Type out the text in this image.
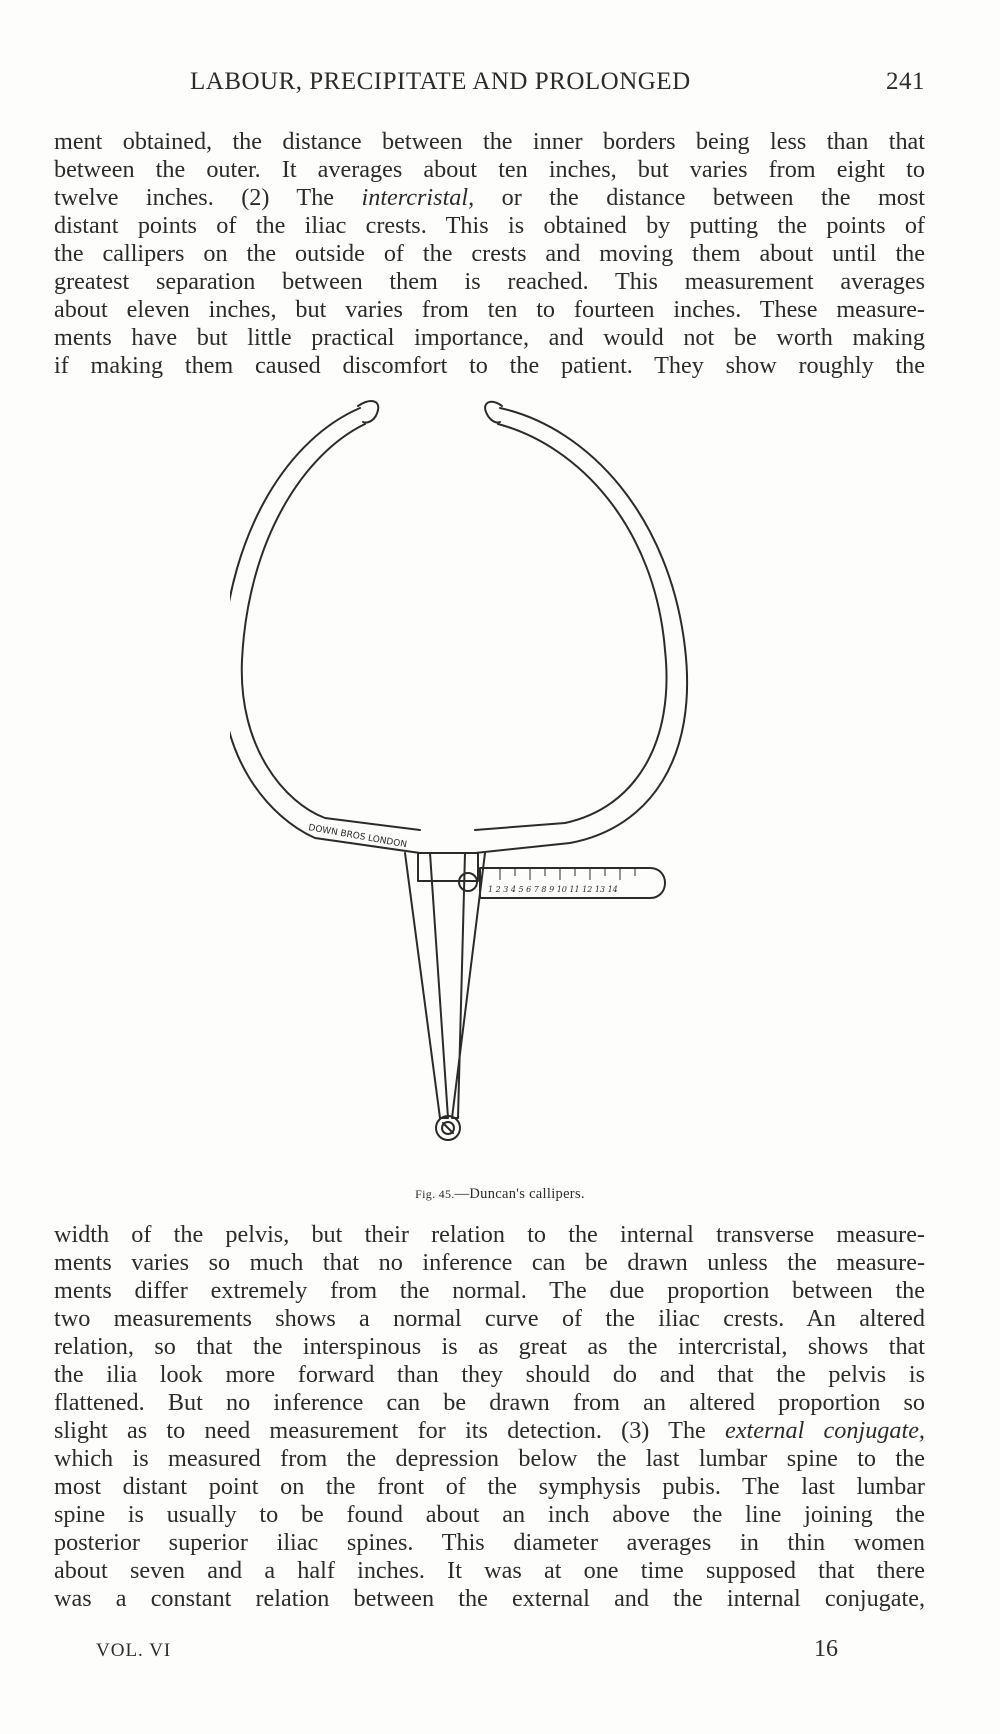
LABOUR, PRECIPITATE AND PROLONGED	241
ment obtained, the distance between the inner borders being less than that
between the outer. It averages about ten inches, but varies from eight to
twelve inches. (2) The intercristal, or the distance between the most
distant points of the iliac crests. This is obtained by putting the points of
the callipers on the outside of the crests and moving them about until the
greatest separation between them is reached. This measurement averages
about eleven inches, but varies from ten to fourteen inches. These measure-
ments have but little practical importance, and would not be worth making
if making them caused discomfort to the patient. They show roughly the
DOWN BROS LONDON
1 2 3 4 5 6 7 8 9 10 11 12 13 14
Fig. 45.—Duncan's callipers.
width of the pelvis, but their relation to the internal transverse measure-
ments varies so much that no inference can be drawn unless the measure-
ments differ extremely from the normal. The due proportion between the
two measurements shows a normal curve of the iliac crests. An altered
relation, so that the interspinous is as great as the intercristal, shows that
the ilia look more forward than they should do and that the pelvis is
flattened. But no inference can be drawn from an altered proportion so
slight as to need measurement for its detection. (3) The external conjugate,
which is measured from the depression below the last lumbar spine to the
most distant point on the front of the symphysis pubis. The last lumbar
spine is usually to be found about an inch above the line joining the
posterior superior iliac spines. This diameter averages in thin women
about seven and a half inches. It was at one time supposed that there
was a constant relation between the external and the internal conjugate,
VOL. VI	16
